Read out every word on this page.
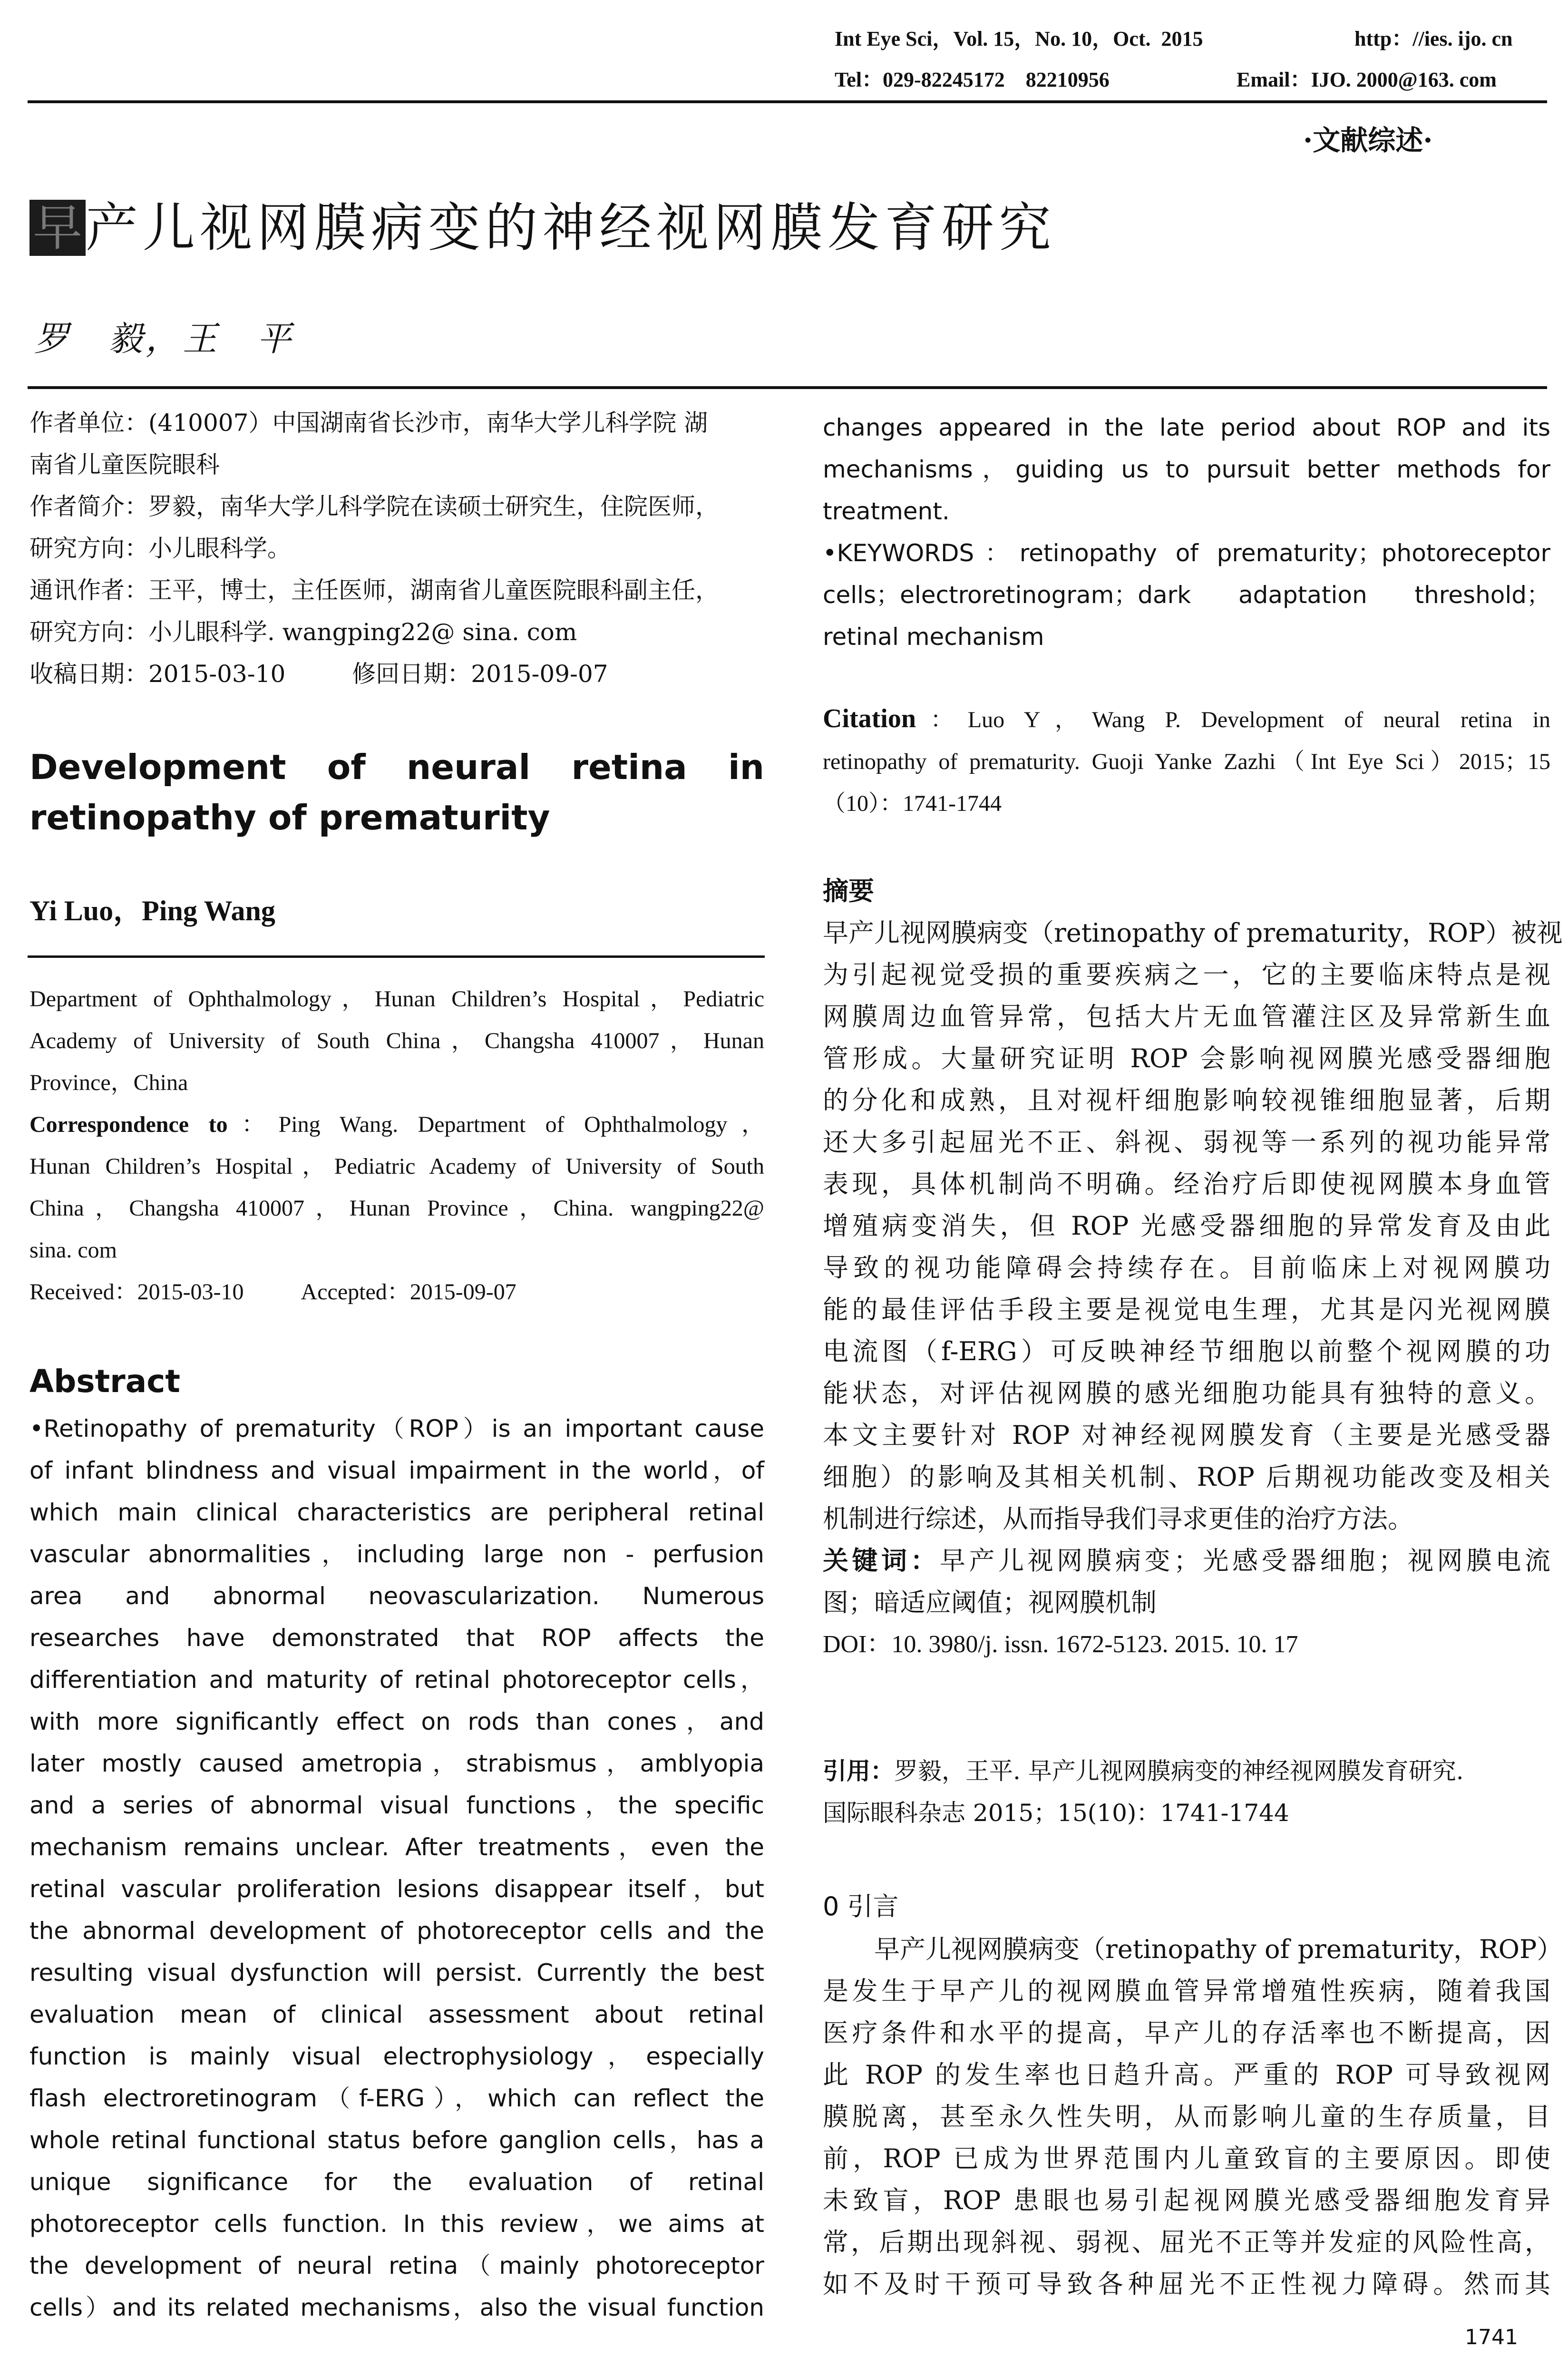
Int Eye Sci，Vol. 15，No. 10，Oct.  2015	http：//ies. ijo. cn
Tel：029-82245172    82210956	Email：IJO. 2000@163. com
·文献综述·
早产儿视网膜病变的神经视网膜发育研究
罗　毅，王　平
作者单位：(410007）中国湖南省长沙市，南华大学儿科学院 湖
南省儿童医院眼科
作者简介：罗毅，南华大学儿科学院在读硕士研究生，住院医师，
研究方向：小儿眼科学。
通讯作者：王平，博士，主任医师，湖南省儿童医院眼科副主任，
研究方向：小儿眼科学. wangping22@ sina. com
收稿日期：2015-03-10	修回日期：2015-09-07
Development of neural retina in
retinopathy of prematurity
Yi Luo，Ping Wang
Department of Ophthalmology，Hunan Children’s Hospital，Pediatric
Academy of University of South China，Changsha 410007，Hunan
Province，China
Correspondence to：Ping Wang. Department of Ophthalmology，
Hunan Children’s Hospital，Pediatric Academy of University of South
China，Changsha 410007，Hunan Province，China. wangping22@
sina. com
Received：2015-03-10	Accepted：2015-09-07
Abstract
•Retinopathy of prematurity（ROP）is an important cause
of infant blindness and visual impairment in the world，of
which main clinical characteristics are peripheral retinal
vascular abnormalities，including large non - perfusion
area and abnormal neovascularization. Numerous
researches have demonstrated that ROP affects the
differentiation and maturity of retinal photoreceptor cells，
with more significantly effect on rods than cones，and
later mostly caused ametropia，strabismus，amblyopia
and a series of abnormal visual functions，the specific
mechanism remains unclear. After treatments，even the
retinal vascular proliferation lesions disappear itself，but
the abnormal development of photoreceptor cells and the
resulting visual dysfunction will persist. Currently the best
evaluation mean of clinical assessment about retinal
function is mainly visual electrophysiology，especially
flash electroretinogram（f-ERG），which can reflect the
whole retinal functional status before ganglion cells，has a
unique significance for the evaluation of retinal
photoreceptor cells function. In this review，we aims at
the development of neural retina（mainly photoreceptor
cells）and its related mechanisms，also the visual function
changes appeared in the late period about ROP and its
mechanisms，guiding us to pursuit better methods for
treatment.
•KEYWORDS：retinopathy of prematurity；photoreceptor
cells；electroretinogram；dark adaptation threshold；
retinal mechanism
Citation：Luo Y，Wang P. Development of neural retina in
retinopathy of prematurity. Guoji Yanke Zazhi（Int Eye Sci）2015；15
（10）：1741-1744
摘要
早产儿视网膜病变（retinopathy of prematurity，ROP）被视
为引起视觉受损的重要疾病之一，它的主要临床特点是视
网膜周边血管异常，包括大片无血管灌注区及异常新生血
管形成。大量研究证明 ROP 会影响视网膜光感受器细胞
的分化和成熟，且对视杆细胞影响较视锥细胞显著，后期
还大多引起屈光不正、斜视、弱视等一系列的视功能异常
表现，具体机制尚不明确。经治疗后即使视网膜本身血管
增殖病变消失，但 ROP 光感受器细胞的异常发育及由此
导致的视功能障碍会持续存在。目前临床上对视网膜功
能的最佳评估手段主要是视觉电生理，尤其是闪光视网膜
电流图（f-ERG）可反映神经节细胞以前整个视网膜的功
能状态，对评估视网膜的感光细胞功能具有独特的意义。
本文主要针对 ROP 对神经视网膜发育（主要是光感受器
细胞）的影响及其相关机制、ROP 后期视功能改变及相关
机制进行综述，从而指导我们寻求更佳的治疗方法。
关键词：早产儿视网膜病变；光感受器细胞；视网膜电流
图；暗适应阈值；视网膜机制
DOI：10. 3980/j. issn. 1672-5123. 2015. 10. 17
引用：罗毅，王平. 早产儿视网膜病变的神经视网膜发育研究.
国际眼科杂志 2015；15(10)：1741-1744
0 引言
　　早产儿视网膜病变（retinopathy of prematurity，ROP）
是发生于早产儿的视网膜血管异常增殖性疾病，随着我国
医疗条件和水平的提高，早产儿的存活率也不断提高，因
此 ROP 的发生率也日趋升高。严重的 ROP 可导致视网
膜脱离，甚至永久性失明，从而影响儿童的生存质量，目
前，ROP 已成为世界范围内儿童致盲的主要原因。即使
未致盲，ROP 患眼也易引起视网膜光感受器细胞发育异
常，后期出现斜视、弱视、屈光不正等并发症的风险性高，
如不及时干预可导致各种屈光不正性视力障碍。然而其
1741
